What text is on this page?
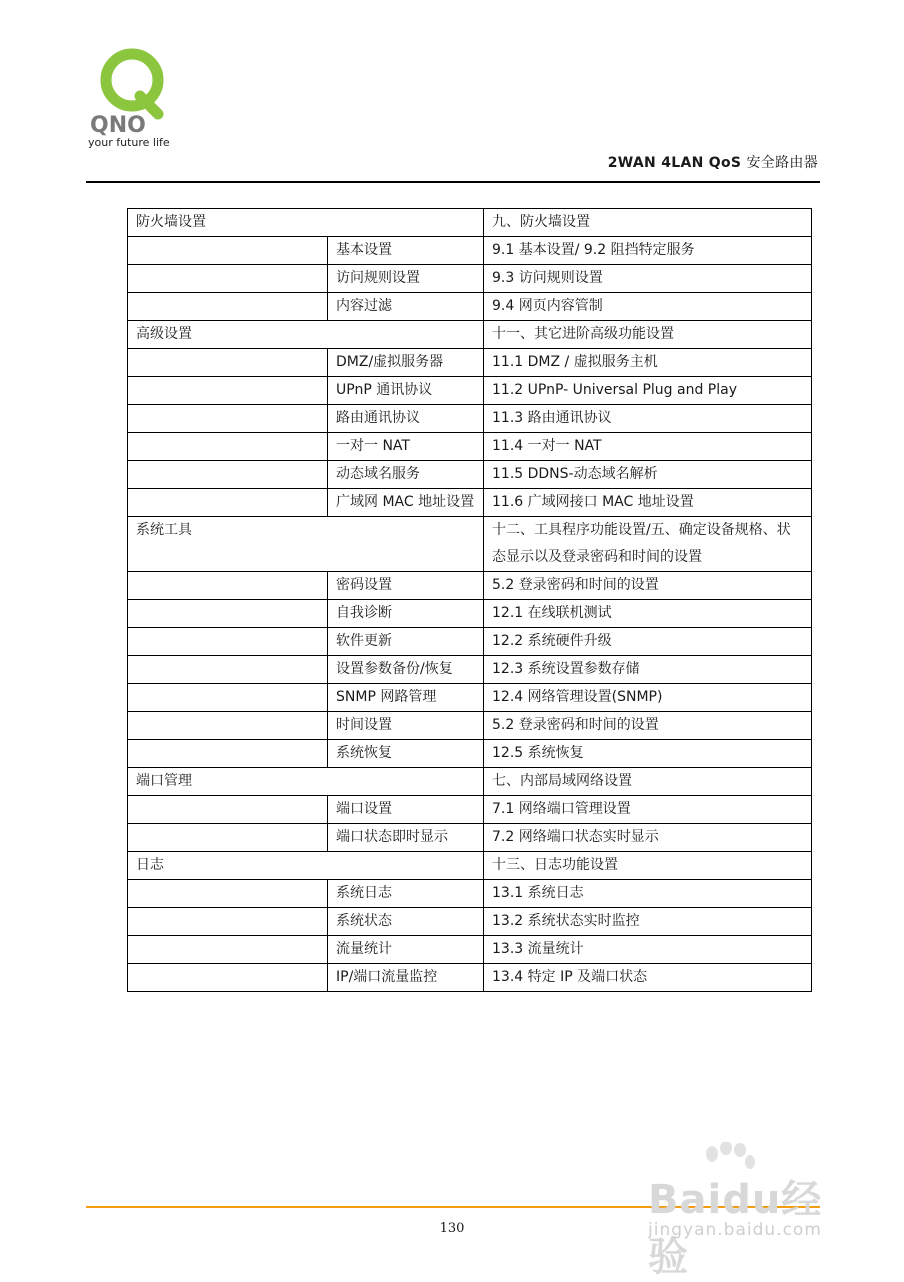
QNO
your future life
2WAN 4LAN QoS 安全路由器
防火墙设置		九、防火墙设置
	基本设置	9.1 基本设置/ 9.2 阻挡特定服务
	访问规则设置	9.3 访问规则设置
	内容过滤	9.4 网页内容管制
高级设置		十一、其它进阶高级功能设置
	DMZ/虚拟服务器	11.1 DMZ / 虚拟服务主机
	UPnP 通讯协议	11.2 UPnP- Universal Plug and Play
	路由通讯协议	11.3 路由通讯协议
	一对一 NAT	11.4 一对一 NAT
	动态域名服务	11.5 DDNS-动态域名解析
	广域网 MAC 地址设置	11.6 广域网接口 MAC 地址设置
系统工具		十二、工具程序功能设置/五、确定设备规格、状态显示以及登录密码和时间的设置
	密码设置	5.2 登录密码和时间的设置
	自我诊断	12.1 在线联机测试
	软件更新	12.2 系统硬件升级
	设置参数备份/恢复	12.3 系统设置参数存储
	SNMP 网路管理	12.4 网络管理设置(SNMP)
	时间设置	5.2 登录密码和时间的设置
	系统恢复	12.5 系统恢复
端口管理		七、内部局域网络设置
	端口设置	7.1 网络端口管理设置
	端口状态即时显示	7.2 网络端口状态实时显示
日志		十三、日志功能设置
	系统日志	13.1 系统日志
	系统状态	13.2 系统状态实时监控
	流量统计	13.3 流量统计
	IP/端口流量监控	13.4 特定 IP 及端口状态
130
Baidu经验
jingyan.baidu.com
